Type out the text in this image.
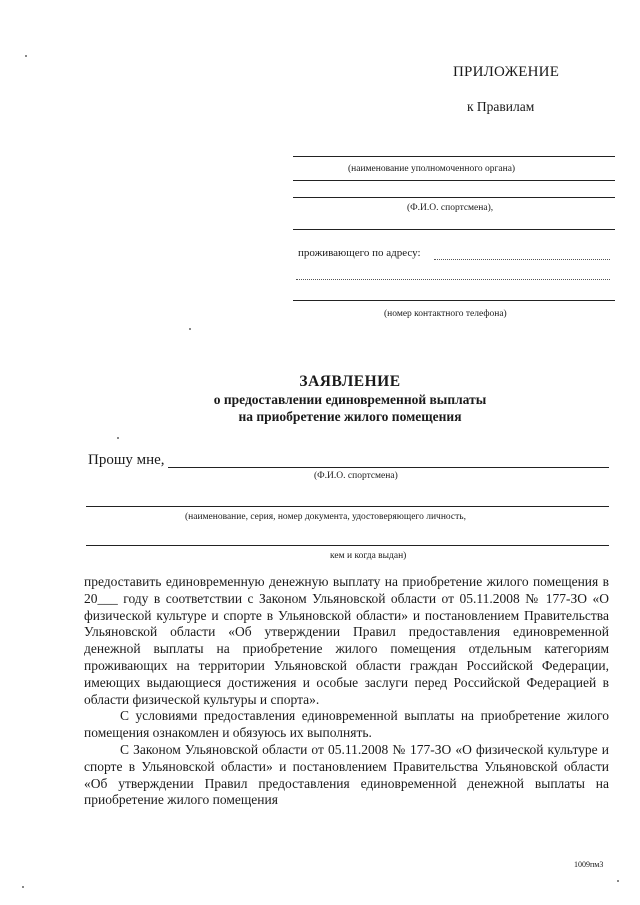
ПРИЛОЖЕНИЕ
к Правилам
(наименование уполномоченного органа)
(Ф.И.О. спортсмена),
проживающего по адресу:
(номер контактного телефона)
ЗАЯВЛЕНИЕ
о предоставлении единовременной выплаты
на приобретение жилого помещения
Прошу мне,
(Ф.И.О. спортсмена)
(наименование, серия, номер документа, удостоверяющего личность,
кем и когда выдан)

предоставить единовременную денежную выплату на приобретение жилого помещения в 20___ году в соответствии с Законом Ульяновской области от 05.11.2008 № 177-ЗО «О физической культуре и спорте в Ульяновской области» и постановлением Правительства Ульяновской области «Об утверждении Правил предоставления единовременной денежной выплаты на приобретение жилого помещения отдельным категориям проживающих на территории Ульяновской области граждан Российской Федерации, имеющих выдающиеся достижения и особые заслуги перед Российской Федерацией в области физической культуры и спорта».

С условиями предоставления единовременной выплаты на приобретение жилого помещения ознакомлен и обязуюсь их выполнять.

С Законом Ульяновской области от 05.11.2008 № 177-ЗО «О физической культуре и спорте в Ульяновской области» и постановлением Правительства Ульяновской области «Об утверждении Правил предоставления единовременной денежной выплаты на приобретение жилого помещения

1009пм3
